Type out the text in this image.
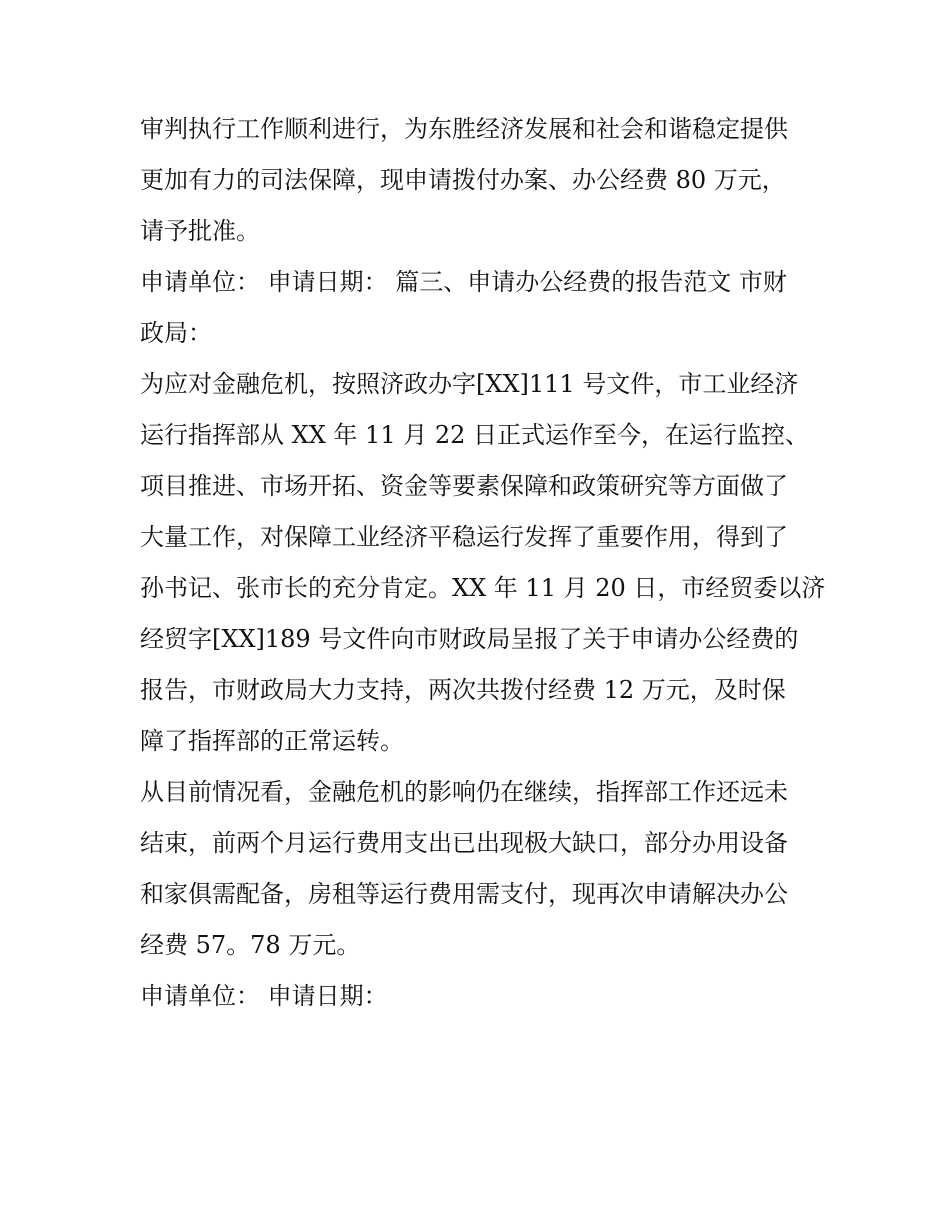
审判执行工作顺利进行，为东胜经济发展和社会和谐稳定提供
更加有力的司法保障，现申请拨付办案、办公经费 80 万元，
请予批准。
申请单位： 申请日期： 篇三、申请办公经费的报告范文 市财
政局：
为应对金融危机，按照济政办字[XX]111 号文件，市工业经济
运行指挥部从 XX 年 11 月 22 日正式运作至今，在运行监控、
项目推进、市场开拓、资金等要素保障和政策研究等方面做了
大量工作，对保障工业经济平稳运行发挥了重要作用，得到了
孙书记、张市长的充分肯定。XX 年 11 月 20 日，市经贸委以济
经贸字[XX]189 号文件向市财政局呈报了关于申请办公经费的
报告，市财政局大力支持，两次共拨付经费 12 万元，及时保
障了指挥部的正常运转。
从目前情况看，金融危机的影响仍在继续，指挥部工作还远未
结束，前两个月运行费用支出已出现极大缺口，部分办用设备
和家俱需配备，房租等运行费用需支付，现再次申请解决办公
经费 57。78 万元。
申请单位： 申请日期：
